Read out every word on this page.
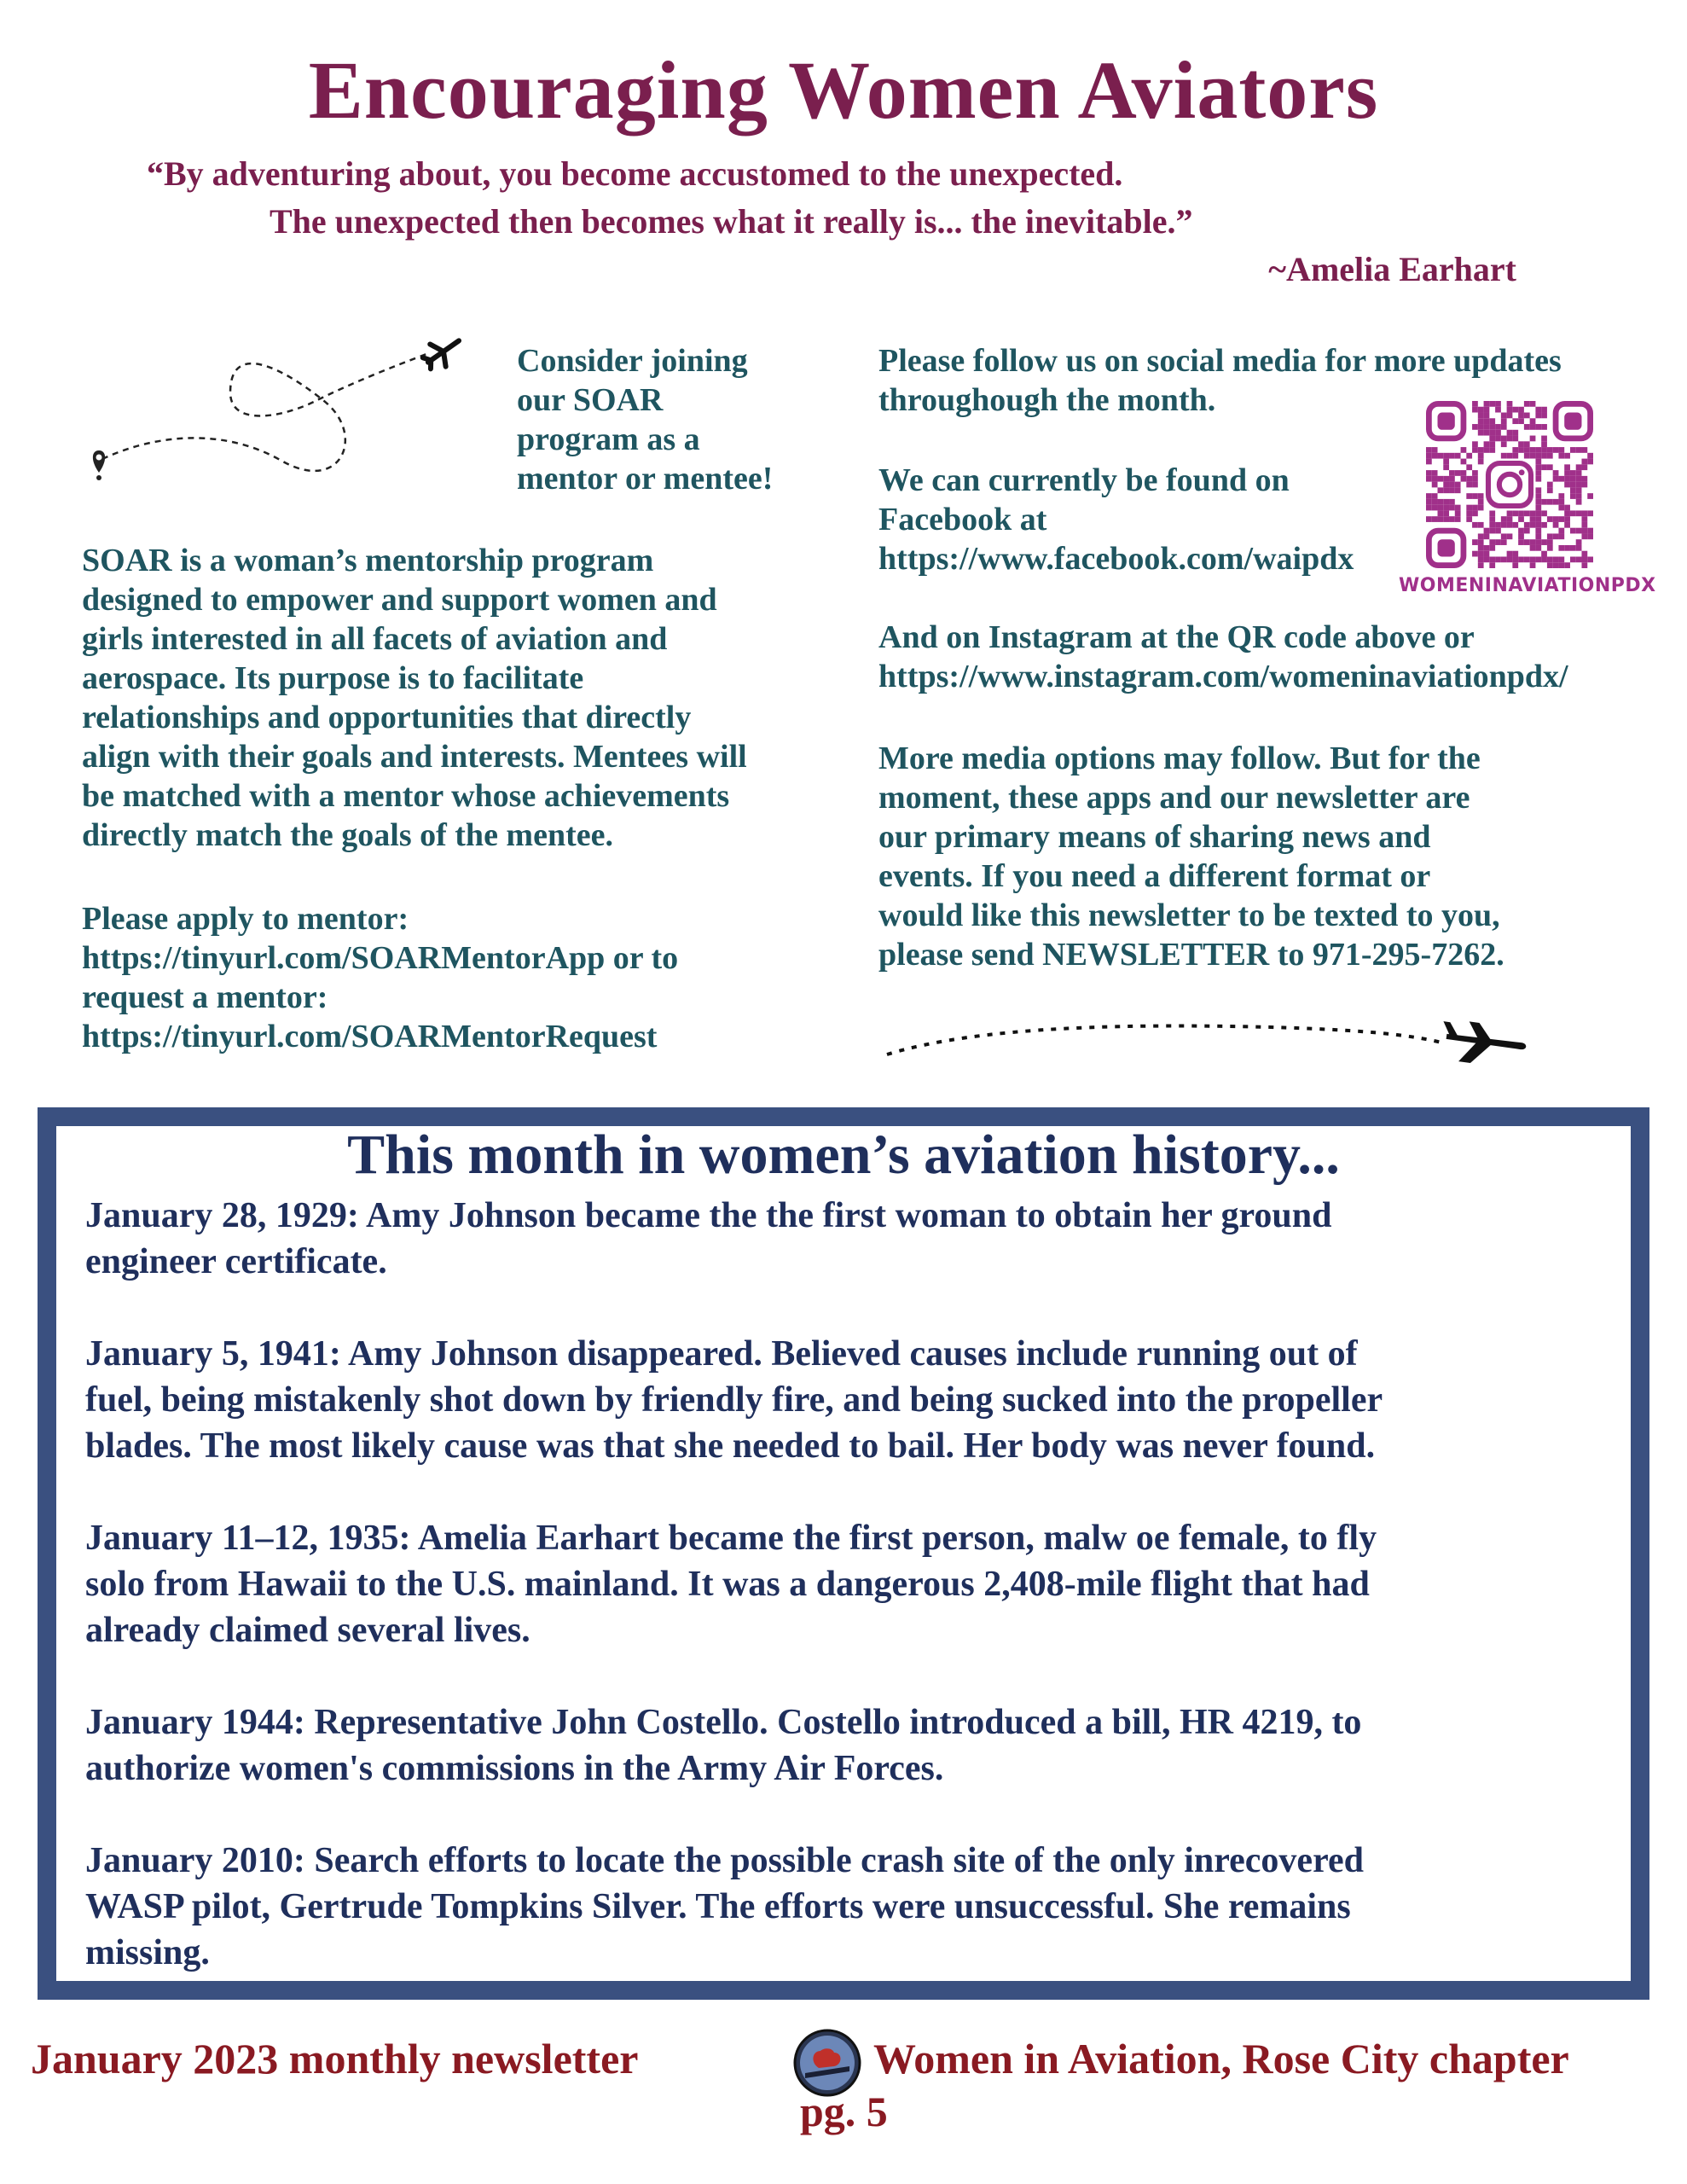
Encouraging Women Aviators
“By adventuring about, you become accustomed to the unexpected.
The unexpected then becomes what it really is... the inevitable.”
~Amelia Earhart
Consider joining
our SOAR
program as a
mentor or mentee!
SOAR is a woman’s mentorship program
designed to empower and support women and
girls interested in all facets of aviation and
aerospace. Its purpose is to facilitate
relationships and opportunities that directly
align with their goals and interests. Mentees will
be matched with a mentor whose achievements
directly match the goals of the mentee.
Please apply to mentor:
https://tinyurl.com/SOARMentorApp or to
request a mentor:
https://tinyurl.com/SOARMentorRequest
Please follow us on social media for more updates
throughough the month.
We can currently be found on
Facebook at
https://www.facebook.com/waipdx
And on Instagram at the QR code above or
https://www.instagram.com/womeninaviationpdx/
More media options may follow. But for the
moment, these apps and our newsletter are
our primary means of sharing news and
events. If you need a different format or
would like this newsletter to be texted to you,
please send NEWSLETTER to 971-295-7262.
WOMENINAVIATIONPDX
This month in women’s aviation history...
January 28, 1929: Amy Johnson became the the first woman to obtain her ground
engineer certificate.
January 5, 1941: Amy Johnson disappeared. Believed causes include running out of
fuel, being mistakenly shot down by friendly fire, and being sucked into the propeller
blades. The most likely cause was that she needed to bail. Her body was never found.
January 11–12, 1935: Amelia Earhart became the first person, malw oe female, to fly
solo from Hawaii to the U.S. mainland. It was a dangerous 2,408-mile flight that had
already claimed several lives.
January 1944: Representative John Costello. Costello introduced a bill, HR 4219, to
authorize women's commissions in the Army Air Forces.
January 2010: Search efforts to locate the possible crash site of the only inrecovered
WASP pilot, Gertrude Tompkins Silver. The efforts were unsuccessful. She remains
missing.
January 2023 monthly newsletter	Women in Aviation, Rose City chapter
pg. 5
